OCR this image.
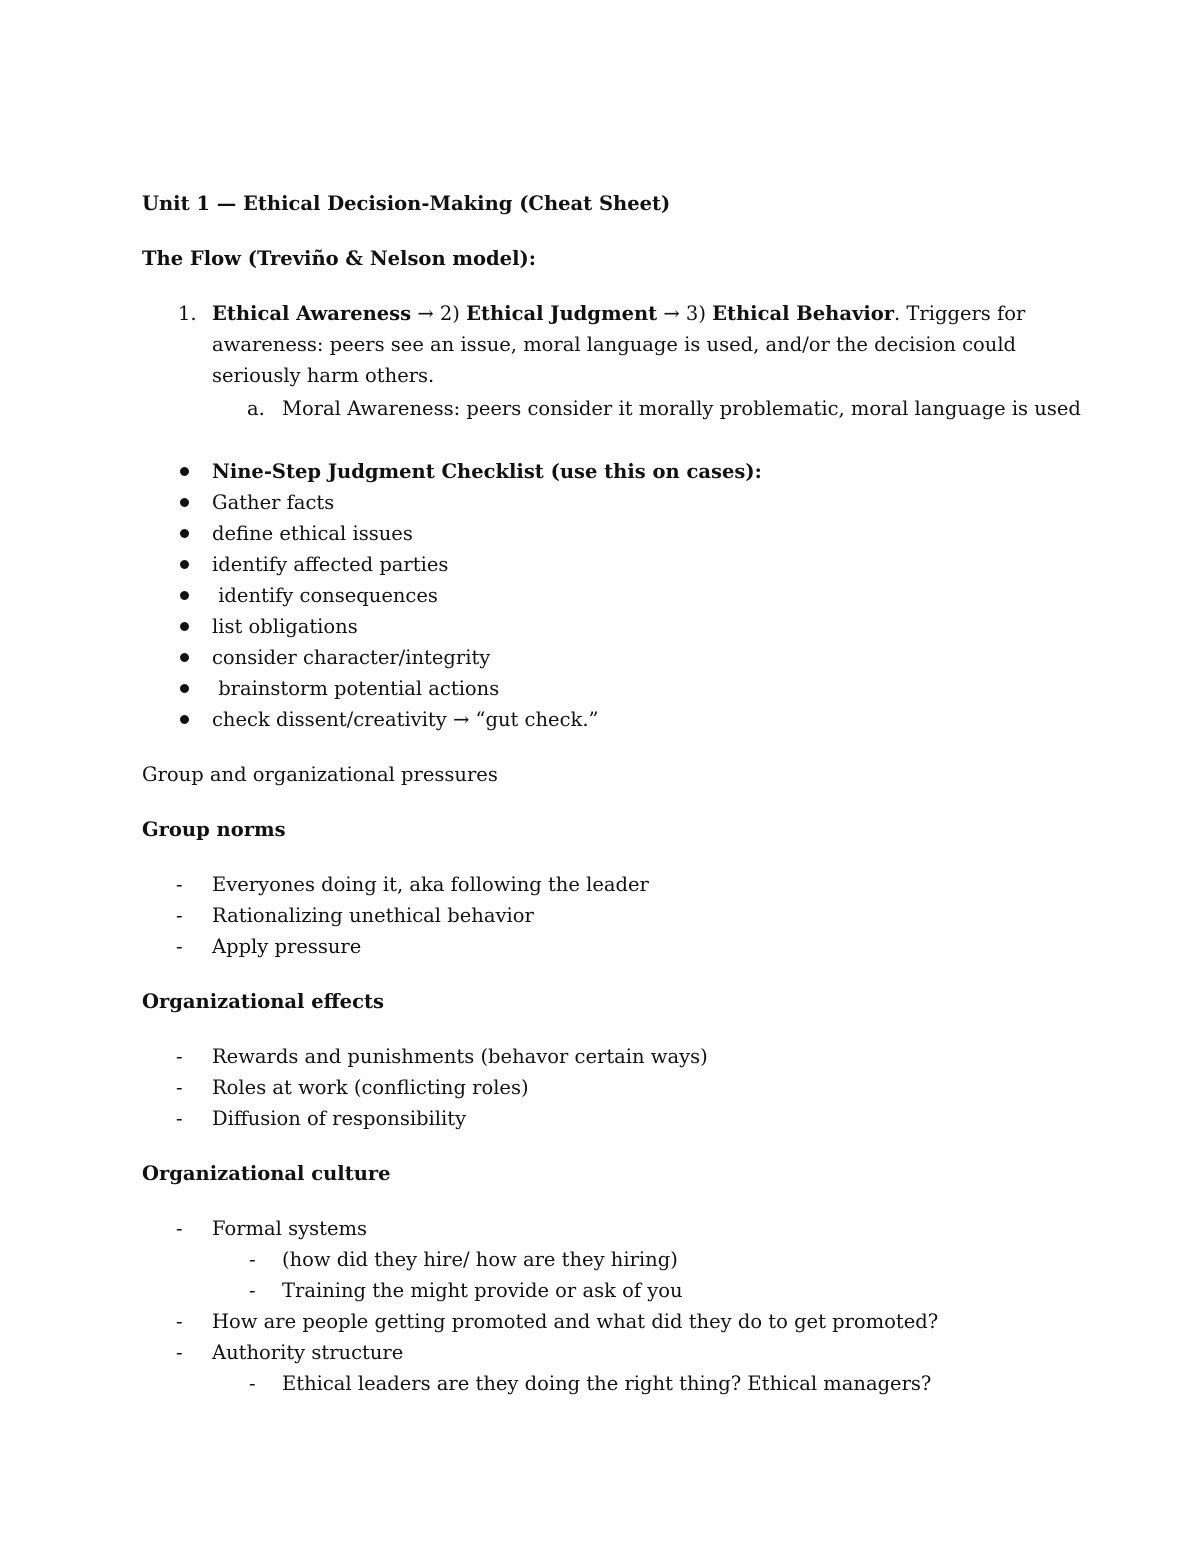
Unit 1 — Ethical Decision-Making (Cheat Sheet)
The Flow (Treviño & Nelson model):
1. Ethical Awareness → 2) Ethical Judgment → 3) Ethical Behavior. Triggers for awareness: peers see an issue, moral language is used, and/or the decision could seriously harm others.
a. Moral Awareness: peers consider it morally problematic, moral language is used
Nine-Step Judgment Checklist (use this on cases):
Gather facts
define ethical issues
identify affected parties
identify consequences
list obligations
consider character/integrity
brainstorm potential actions
check dissent/creativity → “gut check.”
Group and organizational pressures
Group norms
- Everyones doing it, aka following the leader
- Rationalizing unethical behavior
- Apply pressure
Organizational effects
- Rewards and punishments (behavor certain ways)
- Roles at work (conflicting roles)
- Diffusion of responsibility
Organizational culture
- Formal systems
- (how did they hire/ how are they hiring)
- Training the might provide or ask of you
- How are people getting promoted and what did they do to get promoted?
- Authority structure
- Ethical leaders are they doing the right thing? Ethical managers?
